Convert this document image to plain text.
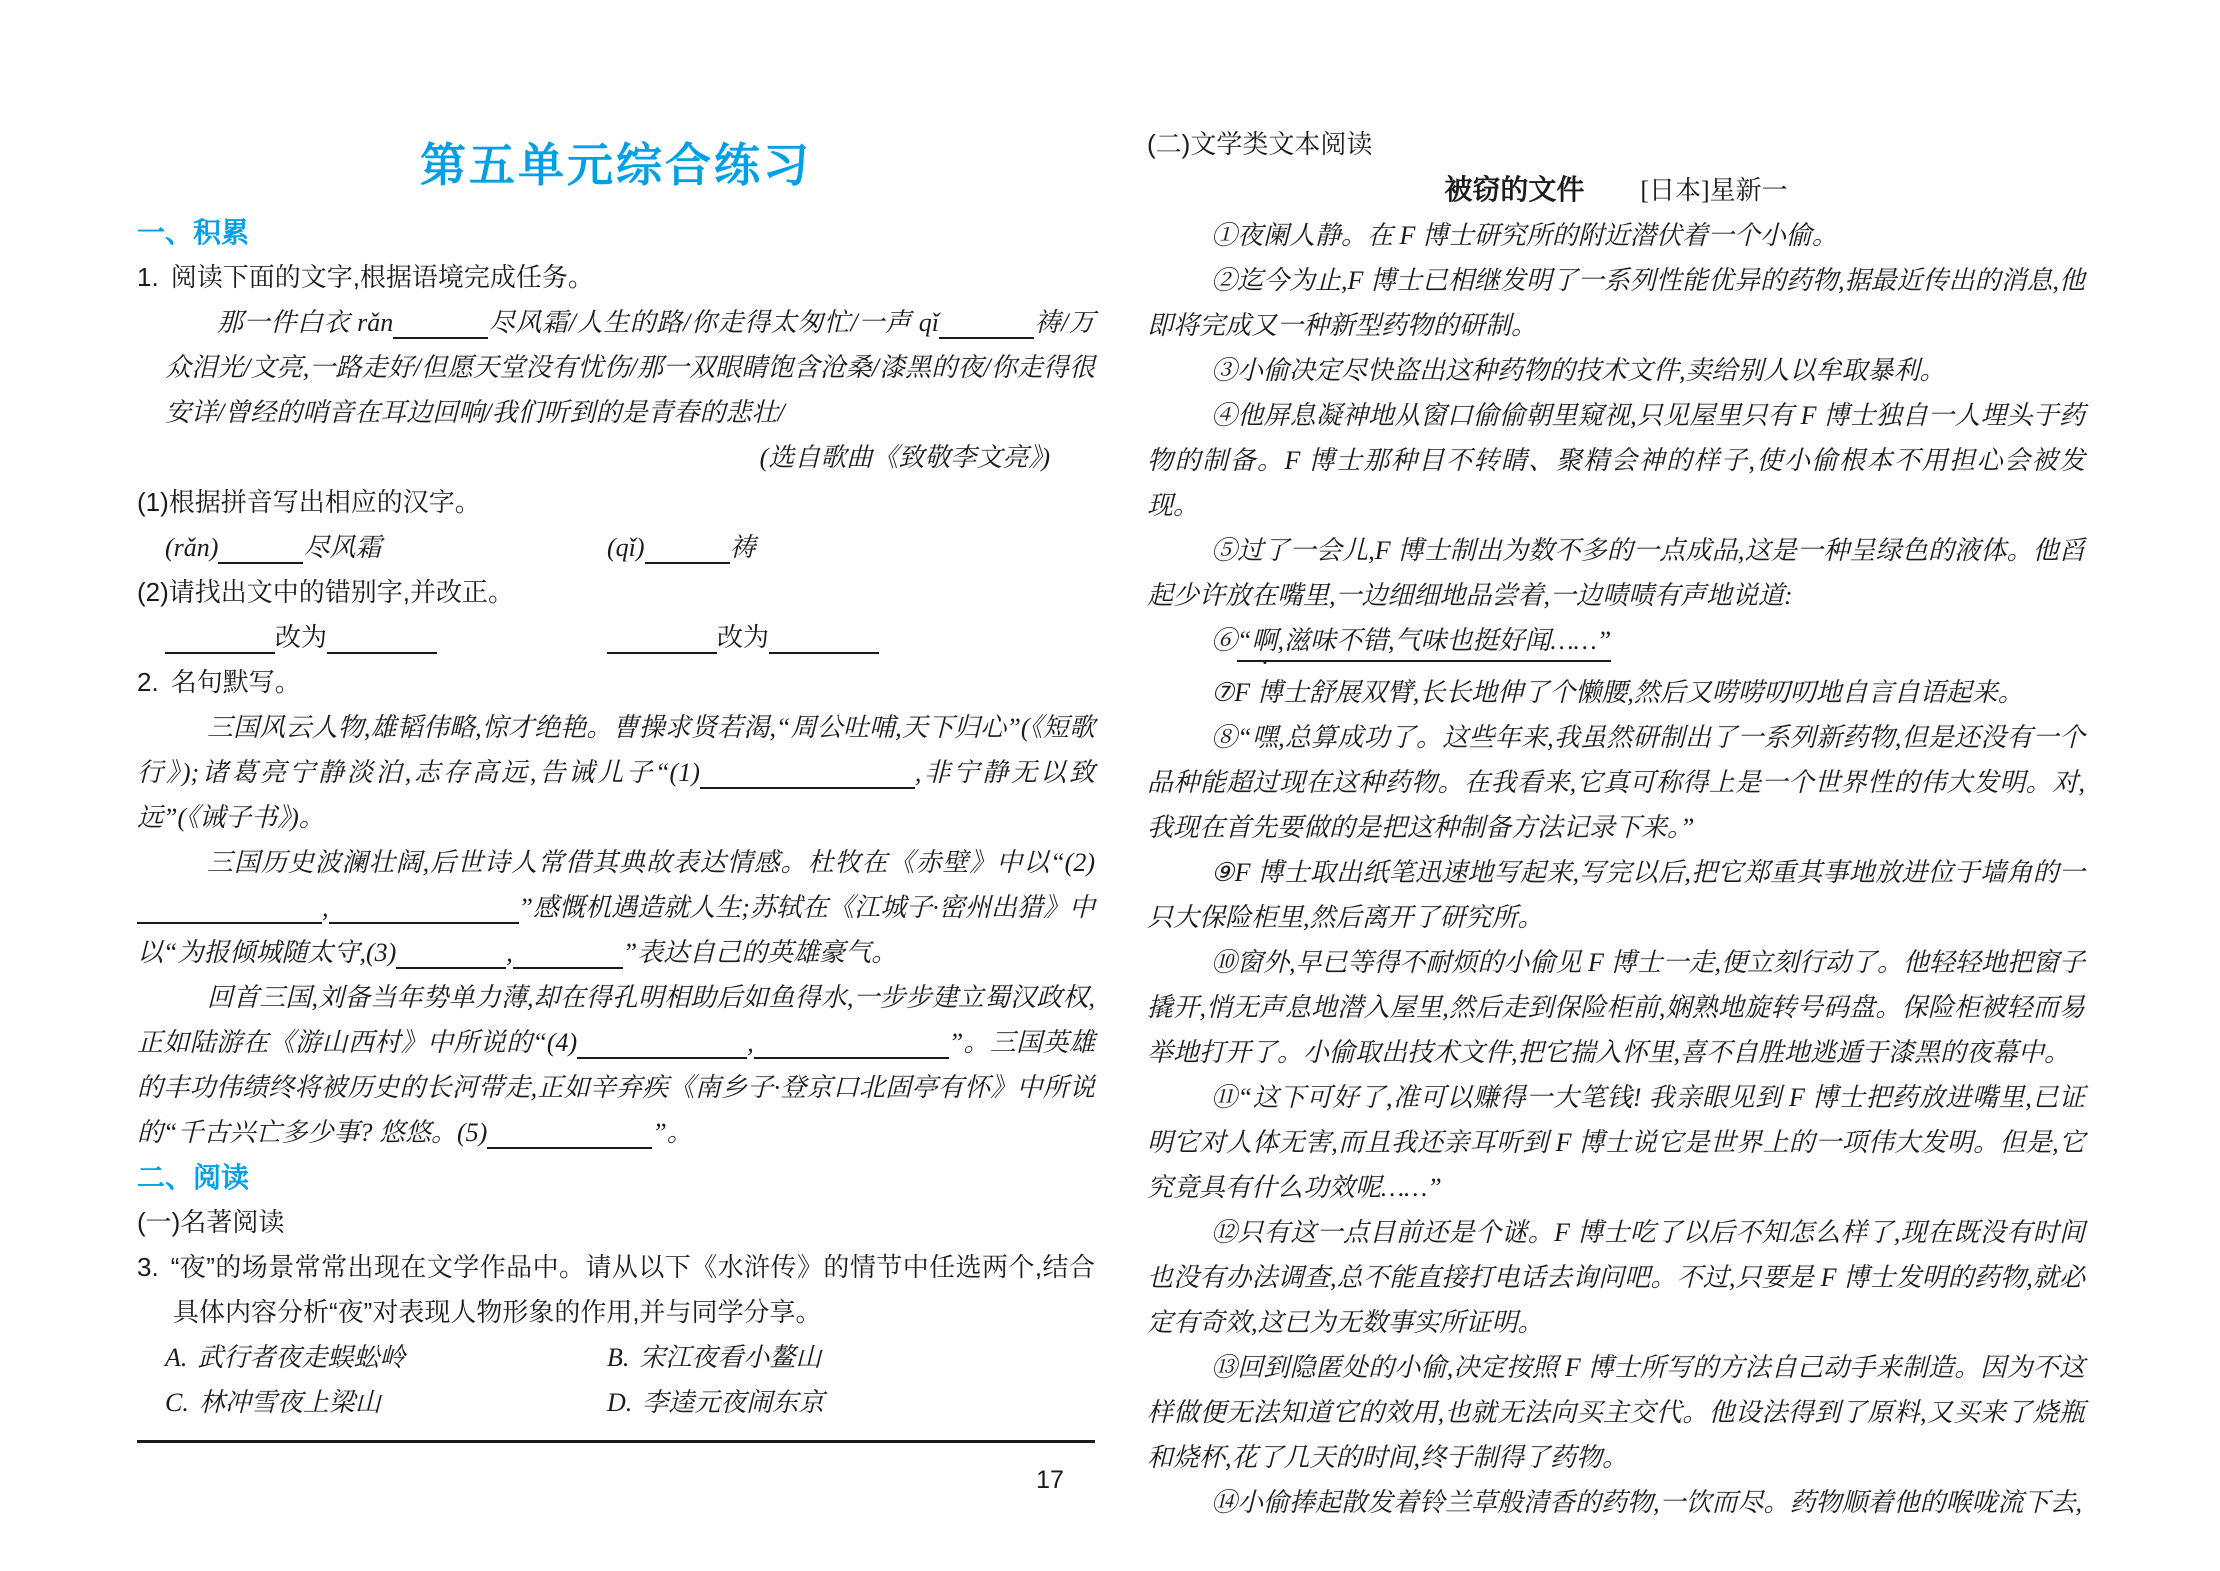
第五单元综合练习

一、积累

1. 阅读下面的文字,根据语境完成任务。

那一件白衣 rǎn	尽风霜/人生的路/你走得太匆忙/一声 qǐ	祷/万众泪光/文亮,一路走好/但愿天堂没有忧伤/那一双眼睛饱含沧桑/漆黑的夜/你走得很安详/曾经的哨音在耳边回响/我们听到的是青春的悲壮/

(选自歌曲《致敬李文亮》)

(1)根据拼音写出相应的汉字。

(rǎn)	尽风霜	(qǐ)	祷

(2)请找出文中的错别字,并改正。

改为	改为

2. 名句默写。

三国风云人物,雄韬伟略,惊才绝艳。曹操求贤若渴,“周公吐哺,天下归心”(《短歌行》);诸葛亮宁静淡泊,志存高远,告诫儿子“(1)	,非宁静无以致远”(《诫子书》)。

三国历史波澜壮阔,后世诗人常借其典故表达情感。杜牧在《赤壁》中以“(2),	”感慨机遇造就人生;苏轼在《江城子·密州出猎》中以“为报倾城随太守,(3)	,	”表达自己的英雄豪气。

回首三国,刘备当年势单力薄,却在得孔明相助后如鱼得水,一步步建立蜀汉政权,正如陆游在《游山西村》中所说的“(4)	,	”。三国英雄的丰功伟绩终将被历史的长河带走,正如辛弃疾《南乡子·登京口北固亭有怀》中所说的“千古兴亡多少事? 悠悠。(5)	”。

二、阅读

(一)名著阅读

3. “夜”的场景常常出现在文学作品中。请从以下《水浒传》的情节中任选两个,结合具体内容分析“夜”对表现人物形象的作用,并与同学分享。

A. 武行者夜走蜈蚣岭	B. 宋江夜看小鳌山

C. 林冲雪夜上梁山	D. 李逵元夜闹东京

(二)文学类文本阅读

被窃的文件 [日本]星新一

①夜阑人静。在 F 博士研究所的附近潜伏着一个小偷。

②迄今为止,F 博士已相继发明了一系列性能优异的药物,据最近传出的消息,他即将完成又一种新型药物的研制。

③小偷决定尽快盗出这种药物的技术文件,卖给别人以牟取暴利。

④他屏息凝神地从窗口偷偷朝里窥视,只见屋里只有 F 博士独自一人埋头于药物的制备。F 博士那种目不转睛、聚精会神的样子,使小偷根本不用担心会被发现。

⑤过了一会儿,F 博士制出为数不多的一点成品,这是一种呈绿色的液体。他舀起少许放在嘴里,一边细细地品尝着,一边啧啧有声地说道:

⑥“啊,滋味不错,气味也挺好闻……”

⑦F 博士舒展双臂,长长地伸了个懒腰,然后又唠唠叨叨地自言自语起来。

⑧“嘿,总算成功了。这些年来,我虽然研制出了一系列新药物,但是还没有一个品种能超过现在这种药物。在我看来,它真可称得上是一个世界性的伟大发明。对,我现在首先要做的是把这种制备方法记录下来。”

⑨F 博士取出纸笔迅速地写起来,写完以后,把它郑重其事地放进位于墙角的一只大保险柜里,然后离开了研究所。

⑩窗外,早已等得不耐烦的小偷见 F 博士一走,便立刻行动了。他轻轻地把窗子撬开,悄无声息地潜入屋里,然后走到保险柜前,娴熟地旋转号码盘。保险柜被轻而易举地打开了。小偷取出技术文件,把它揣入怀里,喜不自胜地逃遁于漆黑的夜幕中。

⑪“这下可好了,准可以赚得一大笔钱! 我亲眼见到 F 博士把药放进嘴里,已证明它对人体无害,而且我还亲耳听到 F 博士说它是世界上的一项伟大发明。但是,它究竟具有什么功效呢……”

⑫只有这一点目前还是个谜。F 博士吃了以后不知怎么样了,现在既没有时间也没有办法调查,总不能直接打电话去询问吧。不过,只要是 F 博士发明的药物,就必定有奇效,这已为无数事实所证明。

⑬回到隐匿处的小偷,决定按照 F 博士所写的方法自己动手来制造。因为不这样做便无法知道它的效用,也就无法向买主交代。他设法得到了原料,又买来了烧瓶和烧杯,花了几天的时间,终于制得了药物。

⑭小偷捧起散发着铃兰草般清香的药物,一饮而尽。药物顺着他的喉咙流下去,

17
